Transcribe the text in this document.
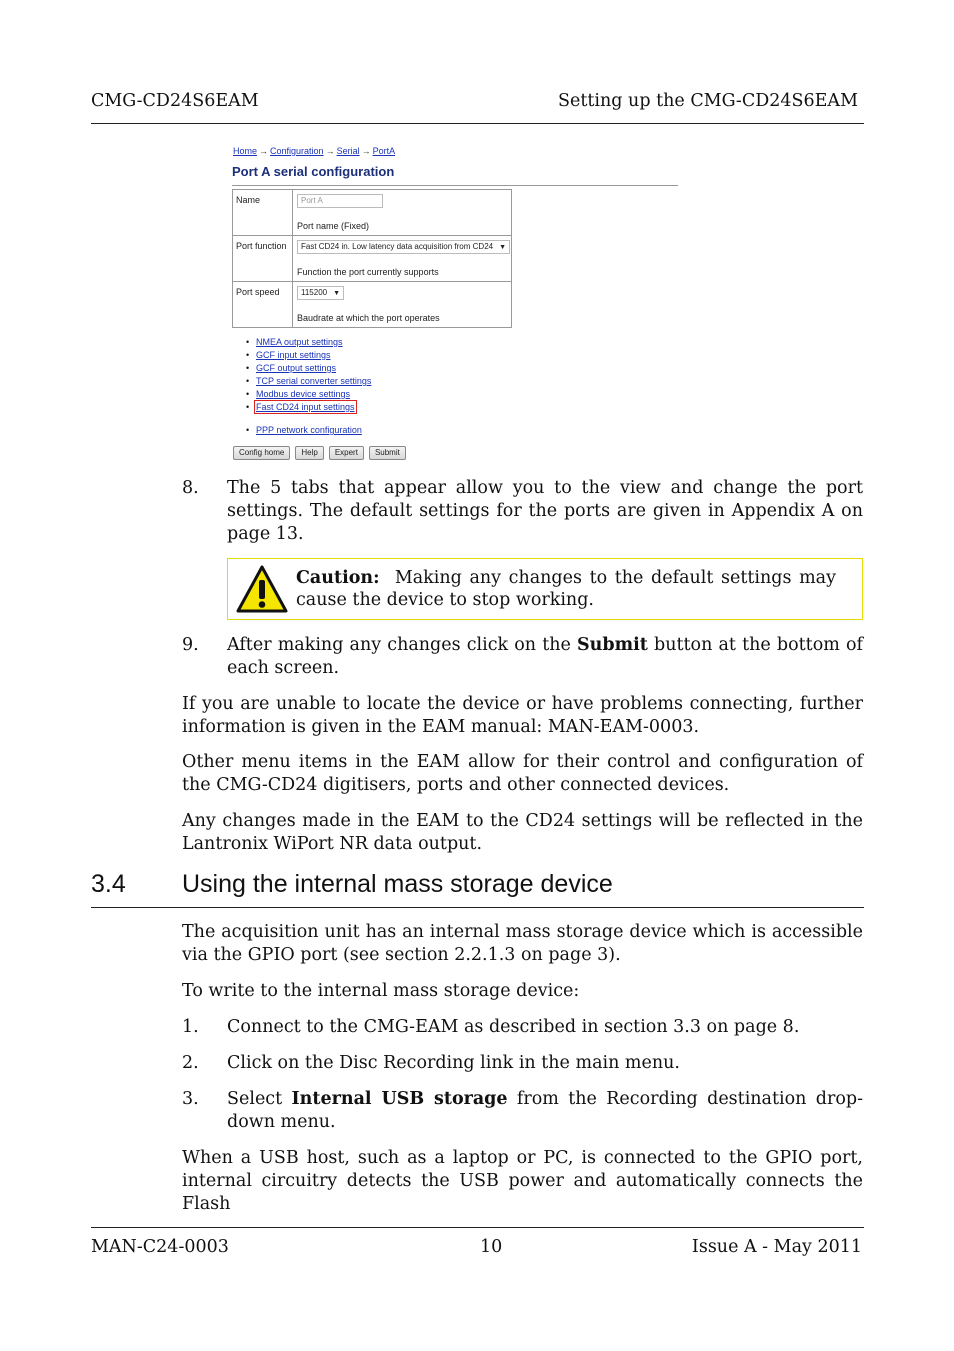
CMG-CD24S6EAM	Setting up the CMG-CD24S6EAM
Home → Configuration → Serial → PortA
Port A serial configuration
Name	Port A
Port name (Fixed)
Port function	Fast CD24 in. Low latency data acquisition from CD24 ▼
Function the port currently supports
Port speed	115200 ▼
Baudrate at which the port operates
• NMEA output settings
• GCF input settings
• GCF output settings
• TCP serial converter settings
• Modbus device settings
• Fast CD24 input settings
• PPP network configuration
Config home	Help	Expert	Submit
8. The 5 tabs that appear allow you to the view and change the port settings. The default settings for the ports are given in Appendix A on page 13.

Caution: Making any changes to the default settings may cause the device to stop working.
9. After making any changes click on the Submit button at the bottom of each screen.

If you are unable to locate the device or have problems connecting, further information is given in the EAM manual: MAN-EAM-0003.

Other menu items in the EAM allow for their control and configuration of the CMG-CD24 digitisers, ports and other connected devices.

Any changes made in the EAM to the CD24 settings will be reflected in the Lantronix WiPort NR data output.

3.4 Using the internal mass storage device

The acquisition unit has an internal mass storage device which is accessible via the GPIO port (see section 2.2.1.3 on page 3).

To write to the internal mass storage device:

1. Connect to the CMG-EAM as described in section 3.3 on page 8.

2. Click on the Disc Recording link in the main menu.

3. Select Internal USB storage from the Recording destination drop-down menu.

When a USB host, such as a laptop or PC, is connected to the GPIO port, internal circuitry detects the USB power and automatically connects the Flash

MAN-C24-0003	10	Issue A - May 2011
